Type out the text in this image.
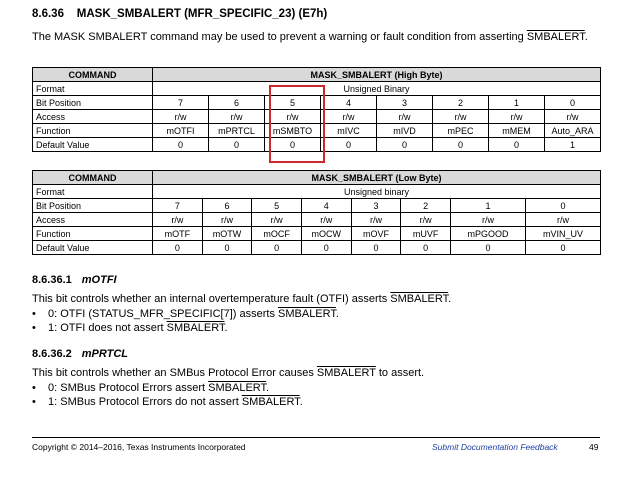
8.6.36 MASK_SMBALERT (MFR_SPECIFIC_23) (E7h)
The MASK SMBALERT command may be used to prevent a warning or fault condition from asserting SMBALERT.
COMMAND	MASK_SMBALERT (High Byte)							
Format	Unsigned Binary							
Bit Position	7	6	5	4	3	2	1	0
Access	r/w	r/w	r/w	r/w	r/w	r/w	r/w	r/w
Function	mOTFI	mPRTCL	mSMBTO	mIVC	mIVD	mPEC	mMEM	Auto_ARA
Default Value	0	0	0	0	0	0	0	1
COMMAND	MASK_SMBALERT (Low Byte)							
Format	Unsigned binary							
Bit Position	7	6	5	4	3	2	1	0
Access	r/w	r/w	r/w	r/w	r/w	r/w	r/w	r/w
Function	mOTF	mOTW	mOCF	mOCW	mOVF	mUVF	mPGOOD	mVIN_UV
Default Value	0	0	0	0	0	0	0	0
8.6.36.1 mOTFI
This bit controls whether an internal overtemperature fault (OTFI) asserts SMBALERT.
• 0: OTFI (STATUS_MFR_SPECIFIC[7]) asserts SMBALERT.
• 1: OTFI does not assert SMBALERT.
8.6.36.2 mPRTCL
This bit controls whether an SMBus Protocol Error causes SMBALERT to assert.
• 0: SMBus Protocol Errors assert SMBALERT.
• 1: SMBus Protocol Errors do not assert SMBALERT.
Copyright © 2014–2016, Texas Instruments Incorporated	Submit Documentation Feedback	49
